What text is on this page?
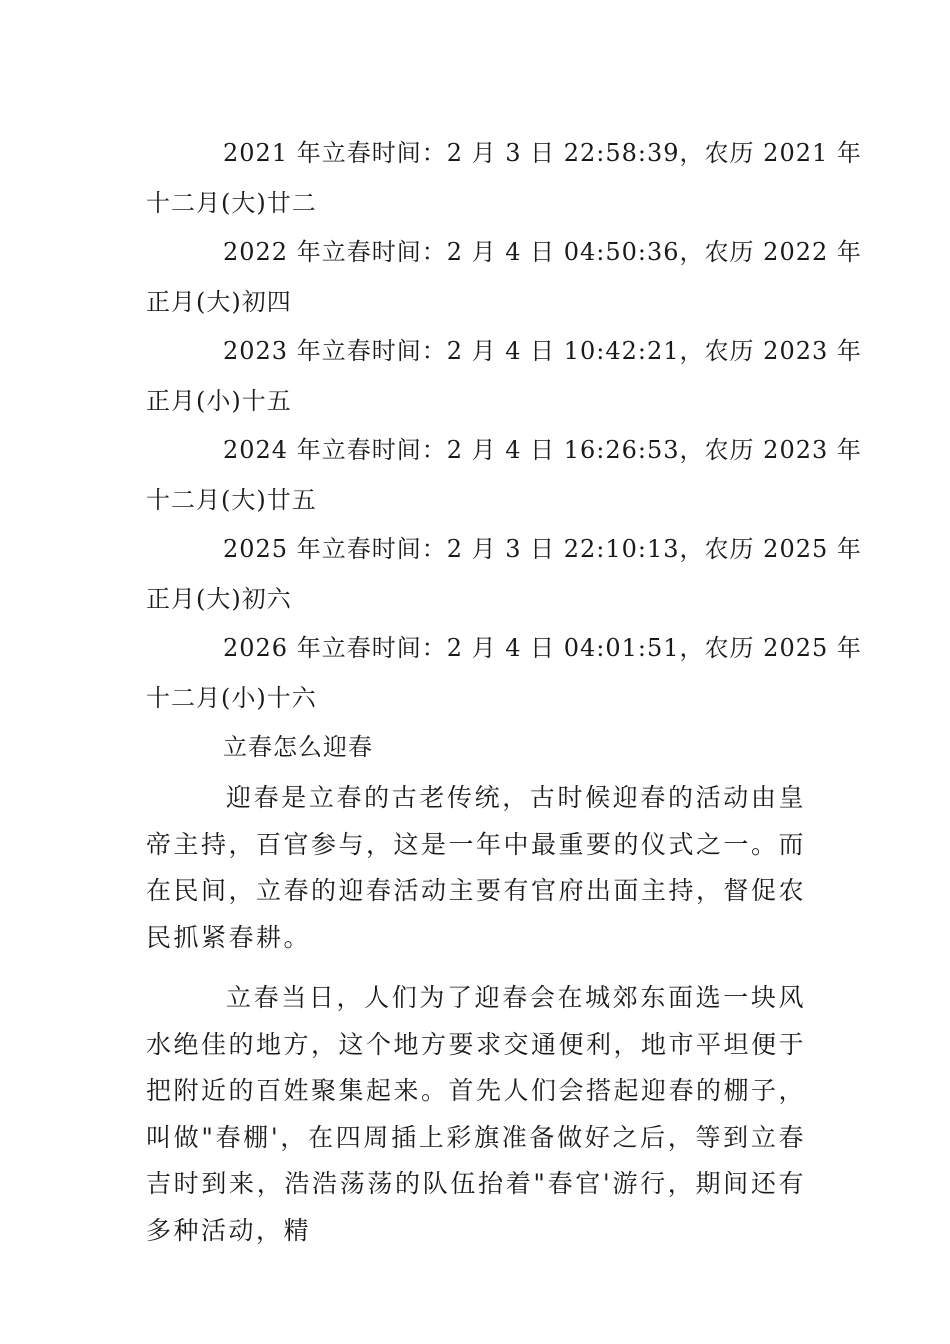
2021 年立春时间：2 月 3 日 22:58:39，农历 2021 年
十二月(大)廿二
2022 年立春时间：2 月 4 日 04:50:36，农历 2022 年
正月(大)初四
2023 年立春时间：2 月 4 日 10:42:21，农历 2023 年
正月(小)十五
2024 年立春时间：2 月 4 日 16:26:53，农历 2023 年
十二月(大)廿五
2025 年立春时间：2 月 3 日 22:10:13，农历 2025 年
正月(大)初六
2026 年立春时间：2 月 4 日 04:01:51，农历 2025 年
十二月(小)十六
立春怎么迎春

迎春是立春的古老传统，古时候迎春的活动由皇帝主持，百官参与，这是一年中最重要的仪式之一。而在民间，立春的迎春活动主要有官府出面主持，督促农民抓紧春耕。

立春当日，人们为了迎春会在城郊东面选一块风水绝佳的地方，这个地方要求交通便利，地市平坦便于把附近的百姓聚集起来。首先人们会搭起迎春的棚子，叫做"春棚'，在四周插上彩旗准备做好之后，等到立春吉时到来，浩浩荡荡的队伍抬着"春官'游行，期间还有多种活动，精
